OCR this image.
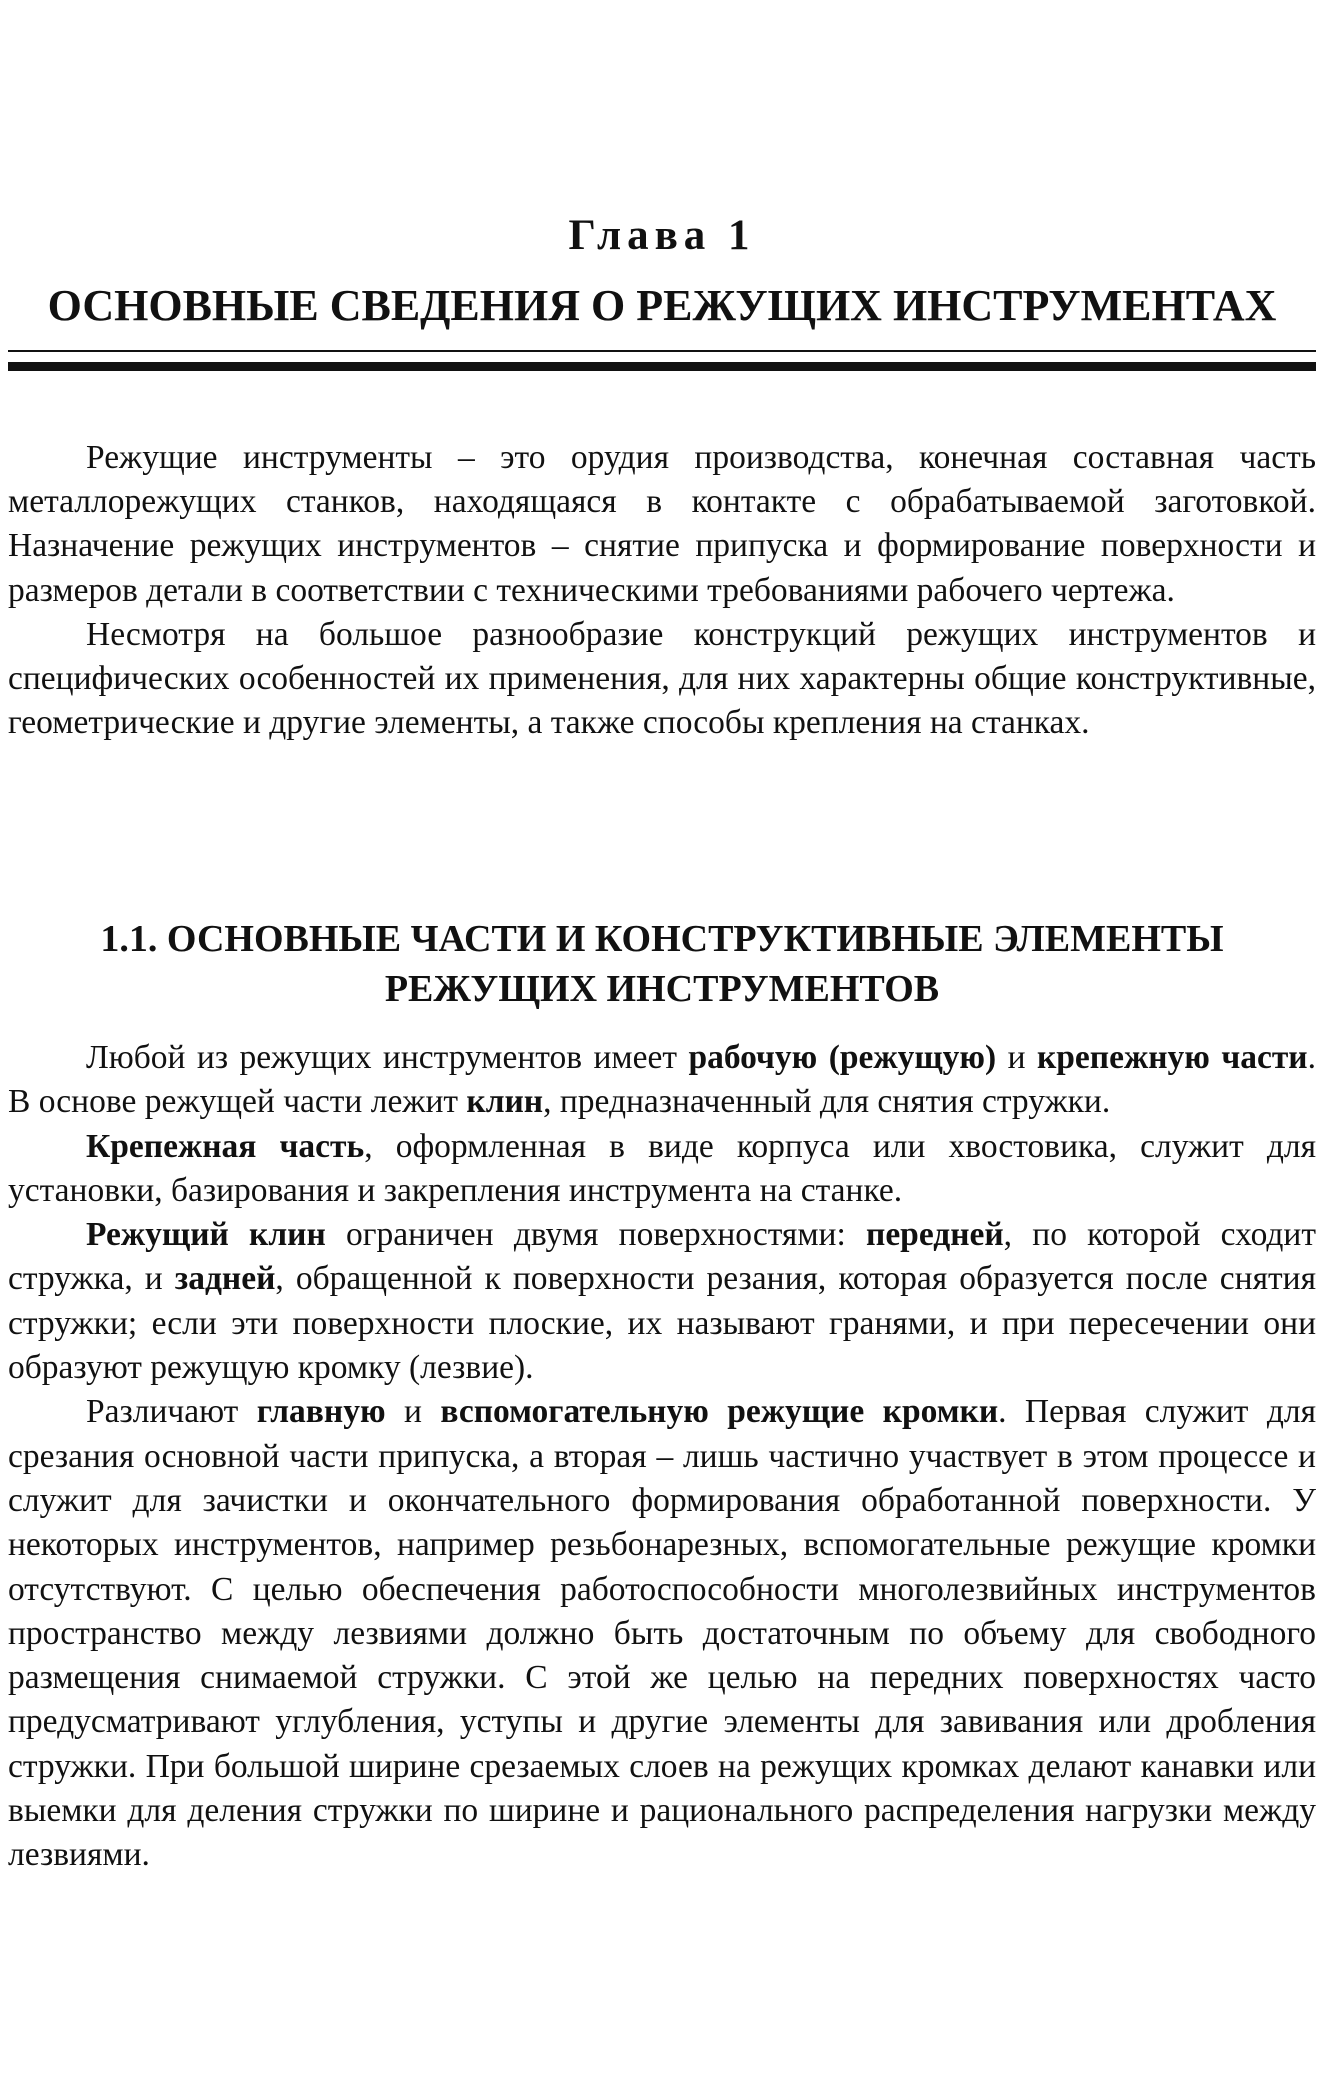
Глава 1
ОСНОВНЫЕ СВЕДЕНИЯ О РЕЖУЩИХ ИНСТРУМЕНТАХ

Режущие инструменты – это орудия производства, конечная составная часть металлорежущих станков, находящаяся в контакте с обрабатываемой заготовкой. Назначение режущих инструментов – снятие припуска и формирование поверхности и размеров детали в соответствии с техническими требованиями рабочего чертежа.

Несмотря на большое разнообразие конструкций режущих инструментов и специфических особенностей их применения, для них характерны общие конструктивные, геометрические и другие элементы, а также способы крепления на станках.

1.1. ОСНОВНЫЕ ЧАСТИ И КОНСТРУКТИВНЫЕ ЭЛЕМЕНТЫ
РЕЖУЩИХ ИНСТРУМЕНТОВ

Любой из режущих инструментов имеет рабочую (режущую) и крепежную части. В основе режущей части лежит клин, предназначенный для снятия стружки.

Крепежная часть, оформленная в виде корпуса или хвостовика, служит для установки, базирования и закрепления инструмента на станке.

Режущий клин ограничен двумя поверхностями: передней, по которой сходит стружка, и задней, обращенной к поверхности резания, которая образуется после снятия стружки; если эти поверхности плоские, их называют гранями, и при пересечении они образуют режущую кромку (лезвие).

Различают главную и вспомогательную режущие кромки. Первая служит для срезания основной части припуска, а вторая – лишь частично участвует в этом процессе и служит для зачистки и окончательного формирования обработанной поверхности. У некоторых инструментов, например резьбонарезных, вспомогательные режущие кромки отсутствуют. С целью обеспечения работоспособности многолезвийных инструментов пространство между лезвиями должно быть достаточным по объему для свободного размещения снимаемой стружки. С этой же целью на передних поверхностях часто предусматривают углубления, уступы и другие элементы для завивания или дробления стружки. При большой ширине срезаемых слоев на режущих кромках делают канавки или выемки для деления стружки по ширине и рационального распределения нагрузки между лезвиями.
